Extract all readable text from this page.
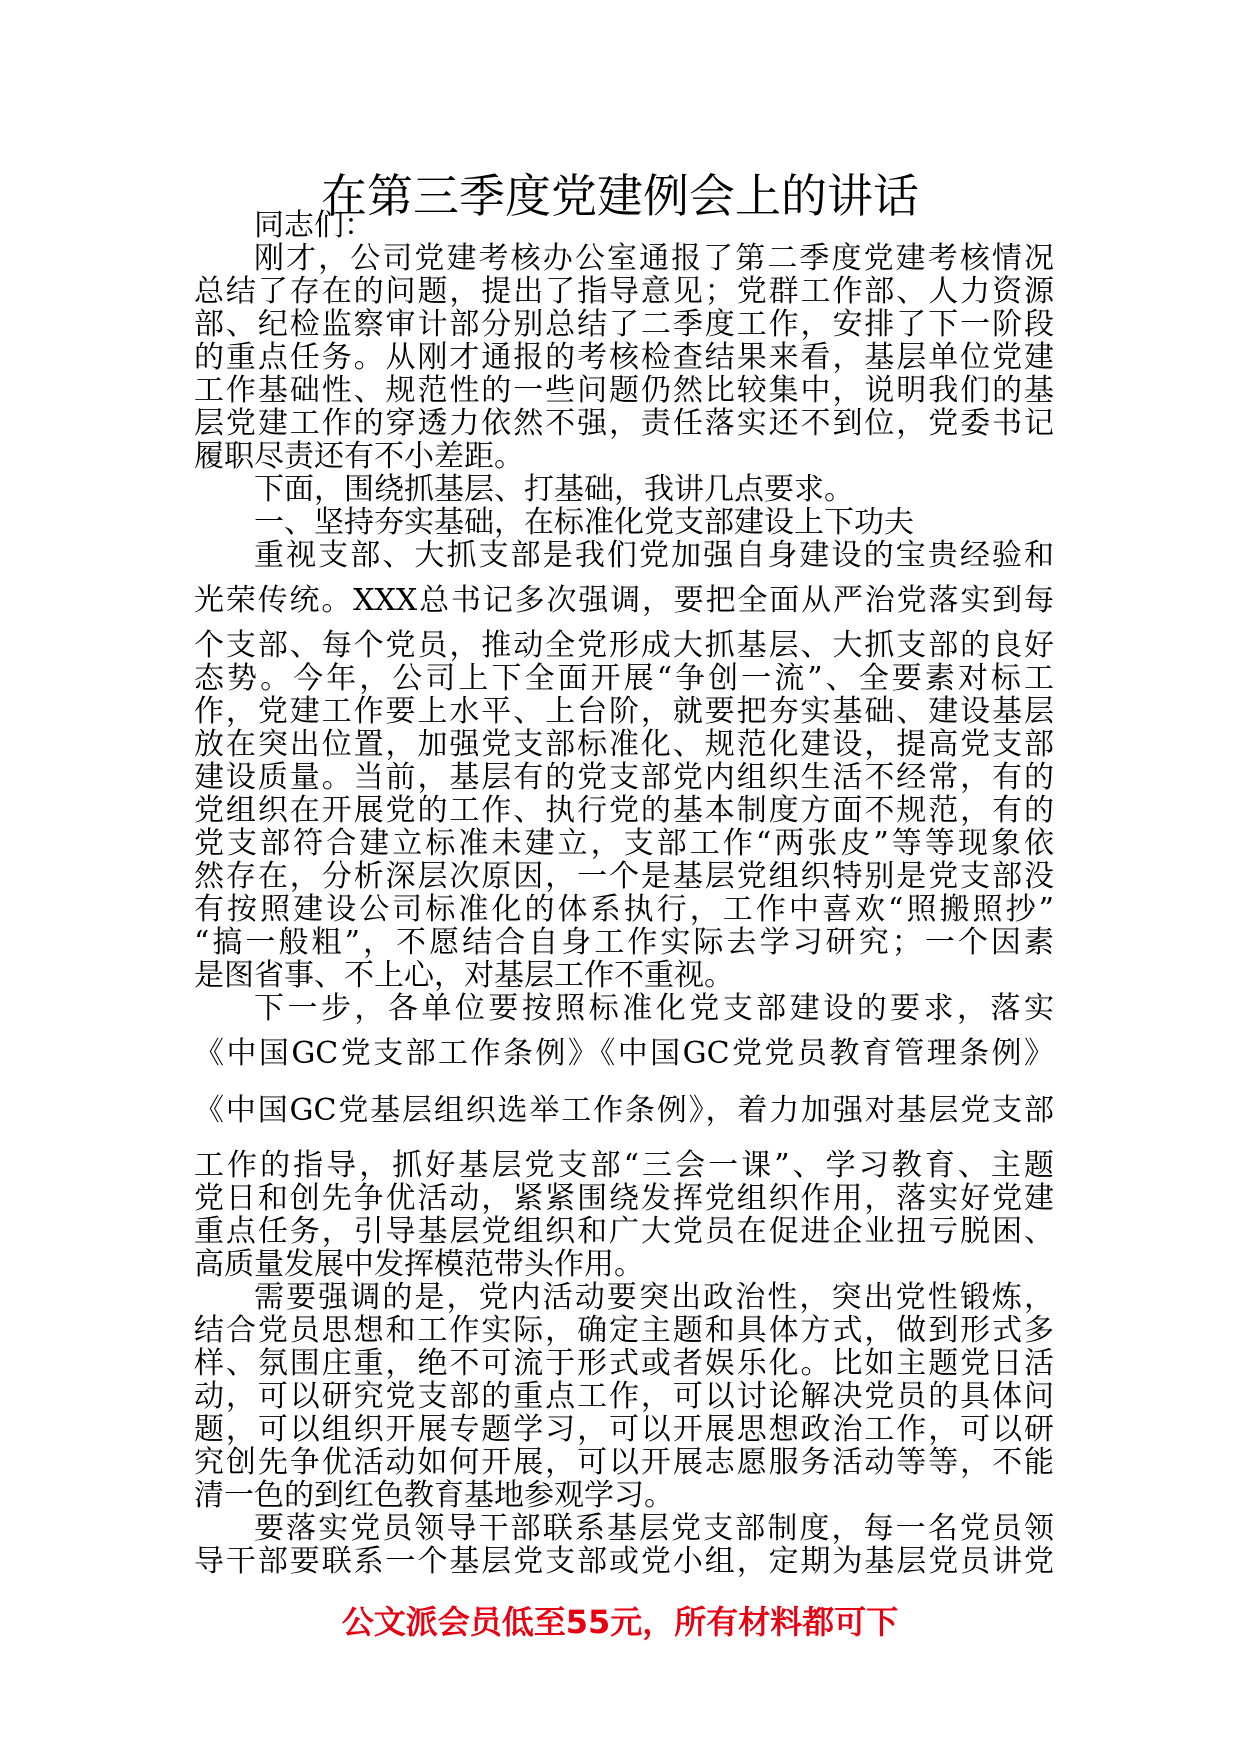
在第三季度党建例会上的讲话
同志们：
刚才，公司党建考核办公室通报了第二季度党建考核情况
总结了存在的问题，提出了指导意见；党群工作部、人力资源
部、纪检监察审计部分别总结了二季度工作，安排了下一阶段
的重点任务。从刚才通报的考核检查结果来看，基层单位党建
工作基础性、规范性的一些问题仍然比较集中，说明我们的基
层党建工作的穿透力依然不强，责任落实还不到位，党委书记
履职尽责还有不小差距。
下面，围绕抓基层、打基础，我讲几点要求。
一、坚持夯实基础，在标准化党支部建设上下功夫
重视支部、大抓支部是我们党加强自身建设的宝贵经验和
光荣传统。XXX总书记多次强调，要把全面从严治党落实到每
个支部、每个党员，推动全党形成大抓基层、大抓支部的良好
态势。今年，公司上下全面开展“争创一流”、全要素对标工
作，党建工作要上水平、上台阶，就要把夯实基础、建设基层
放在突出位置，加强党支部标准化、规范化建设，提高党支部
建设质量。当前，基层有的党支部党内组织生活不经常，有的
党组织在开展党的工作、执行党的基本制度方面不规范，有的
党支部符合建立标准未建立，支部工作“两张皮”等等现象依
然存在，分析深层次原因，一个是基层党组织特别是党支部没
有按照建设公司标准化的体系执行，工作中喜欢“照搬照抄”
“搞一般粗”，不愿结合自身工作实际去学习研究；一个因素
是图省事、不上心，对基层工作不重视。
下一步，各单位要按照标准化党支部建设的要求，落实
《中国GC党支部工作条例》《中国GC党党员教育管理条例》
《中国GC党基层组织选举工作条例》，着力加强对基层党支部
工作的指导，抓好基层党支部“三会一课”、学习教育、主题
党日和创先争优活动，紧紧围绕发挥党组织作用，落实好党建
重点任务，引导基层党组织和广大党员在促进企业扭亏脱困、
高质量发展中发挥模范带头作用。
需要强调的是，党内活动要突出政治性，突出党性锻炼，
结合党员思想和工作实际，确定主题和具体方式，做到形式多
样、氛围庄重，绝不可流于形式或者娱乐化。比如主题党日活
动，可以研究党支部的重点工作，可以讨论解决党员的具体问
题，可以组织开展专题学习，可以开展思想政治工作，可以研
究创先争优活动如何开展，可以开展志愿服务活动等等，不能
清一色的到红色教育基地参观学习。
要落实党员领导干部联系基层党支部制度，每一名党员领
导干部要联系一个基层党支部或党小组，定期为基层党员讲党
公文派会员低至55元，所有材料都可下
